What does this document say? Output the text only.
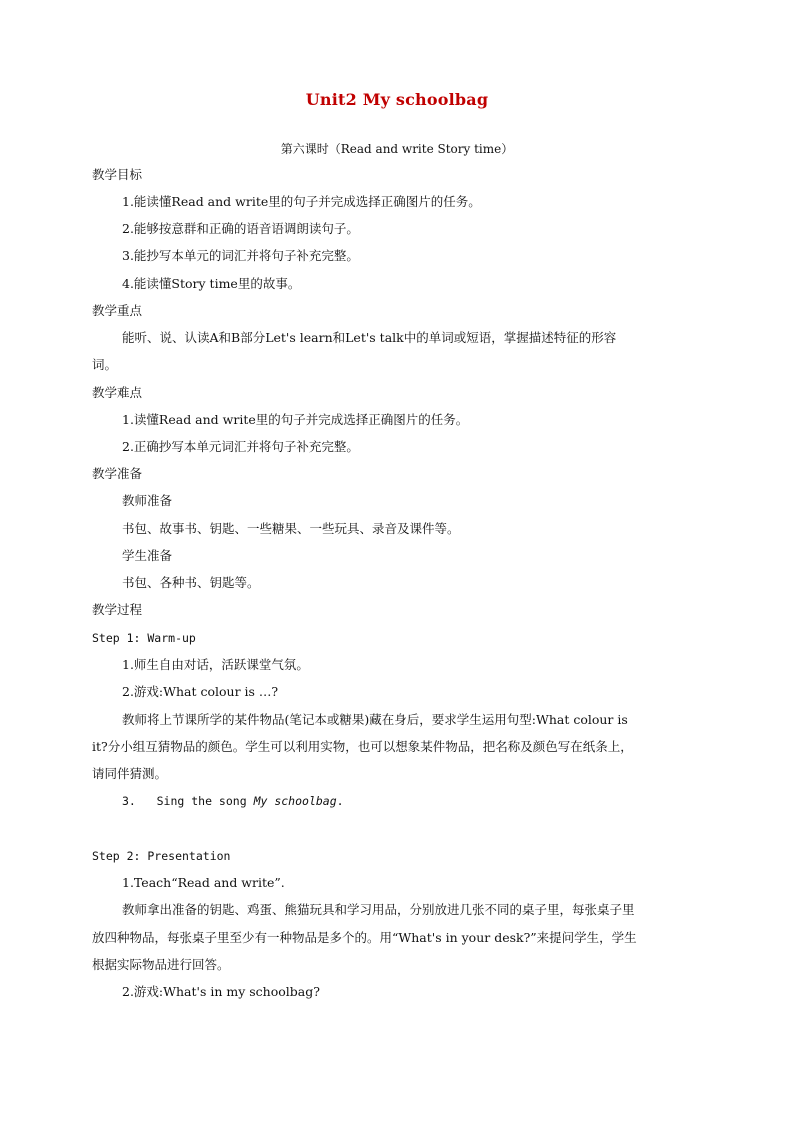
Unit2 My schoolbag
第六课时（Read and write Story time）
教学目标
1.能读懂Read and write里的句子并完成选择正确图片的任务。
2.能够按意群和正确的语音语调朗读句子。
3.能抄写本单元的词汇并将句子补充完整。
4.能读懂Story time里的故事。
教学重点
能听、说、认读A和B部分Let's learn和Let's talk中的单词或短语，掌握描述特征的形容
词。
教学难点
1.读懂Read and write里的句子并完成选择正确图片的任务。
2.正确抄写本单元词汇并将句子补充完整。
教学准备
教师准备
书包、故事书、钥匙、一些糖果、一些玩具、录音及课件等。
学生准备
书包、各种书、钥匙等。
教学过程
Step 1: Warm-up
1.师生自由对话，活跃课堂气氛。
2.游戏:What colour is …?
教师将上节课所学的某件物品(笔记本或糖果)藏在身后，要求学生运用句型:What colour is
it?分小组互猜物品的颜色。学生可以利用实物，也可以想象某件物品，把名称及颜色写在纸条上，
请同伴猜测。
3.   Sing the song My schoolbag.
Step 2: Presentation
1.Teach“Read and write”.
教师拿出准备的钥匙、鸡蛋、熊猫玩具和学习用品，分别放进几张不同的桌子里，每张桌子里
放四种物品，每张桌子里至少有一种物品是多个的。用“What's in your desk?”来提问学生，学生
根据实际物品进行回答。
2.游戏:What's in my schoolbag?
